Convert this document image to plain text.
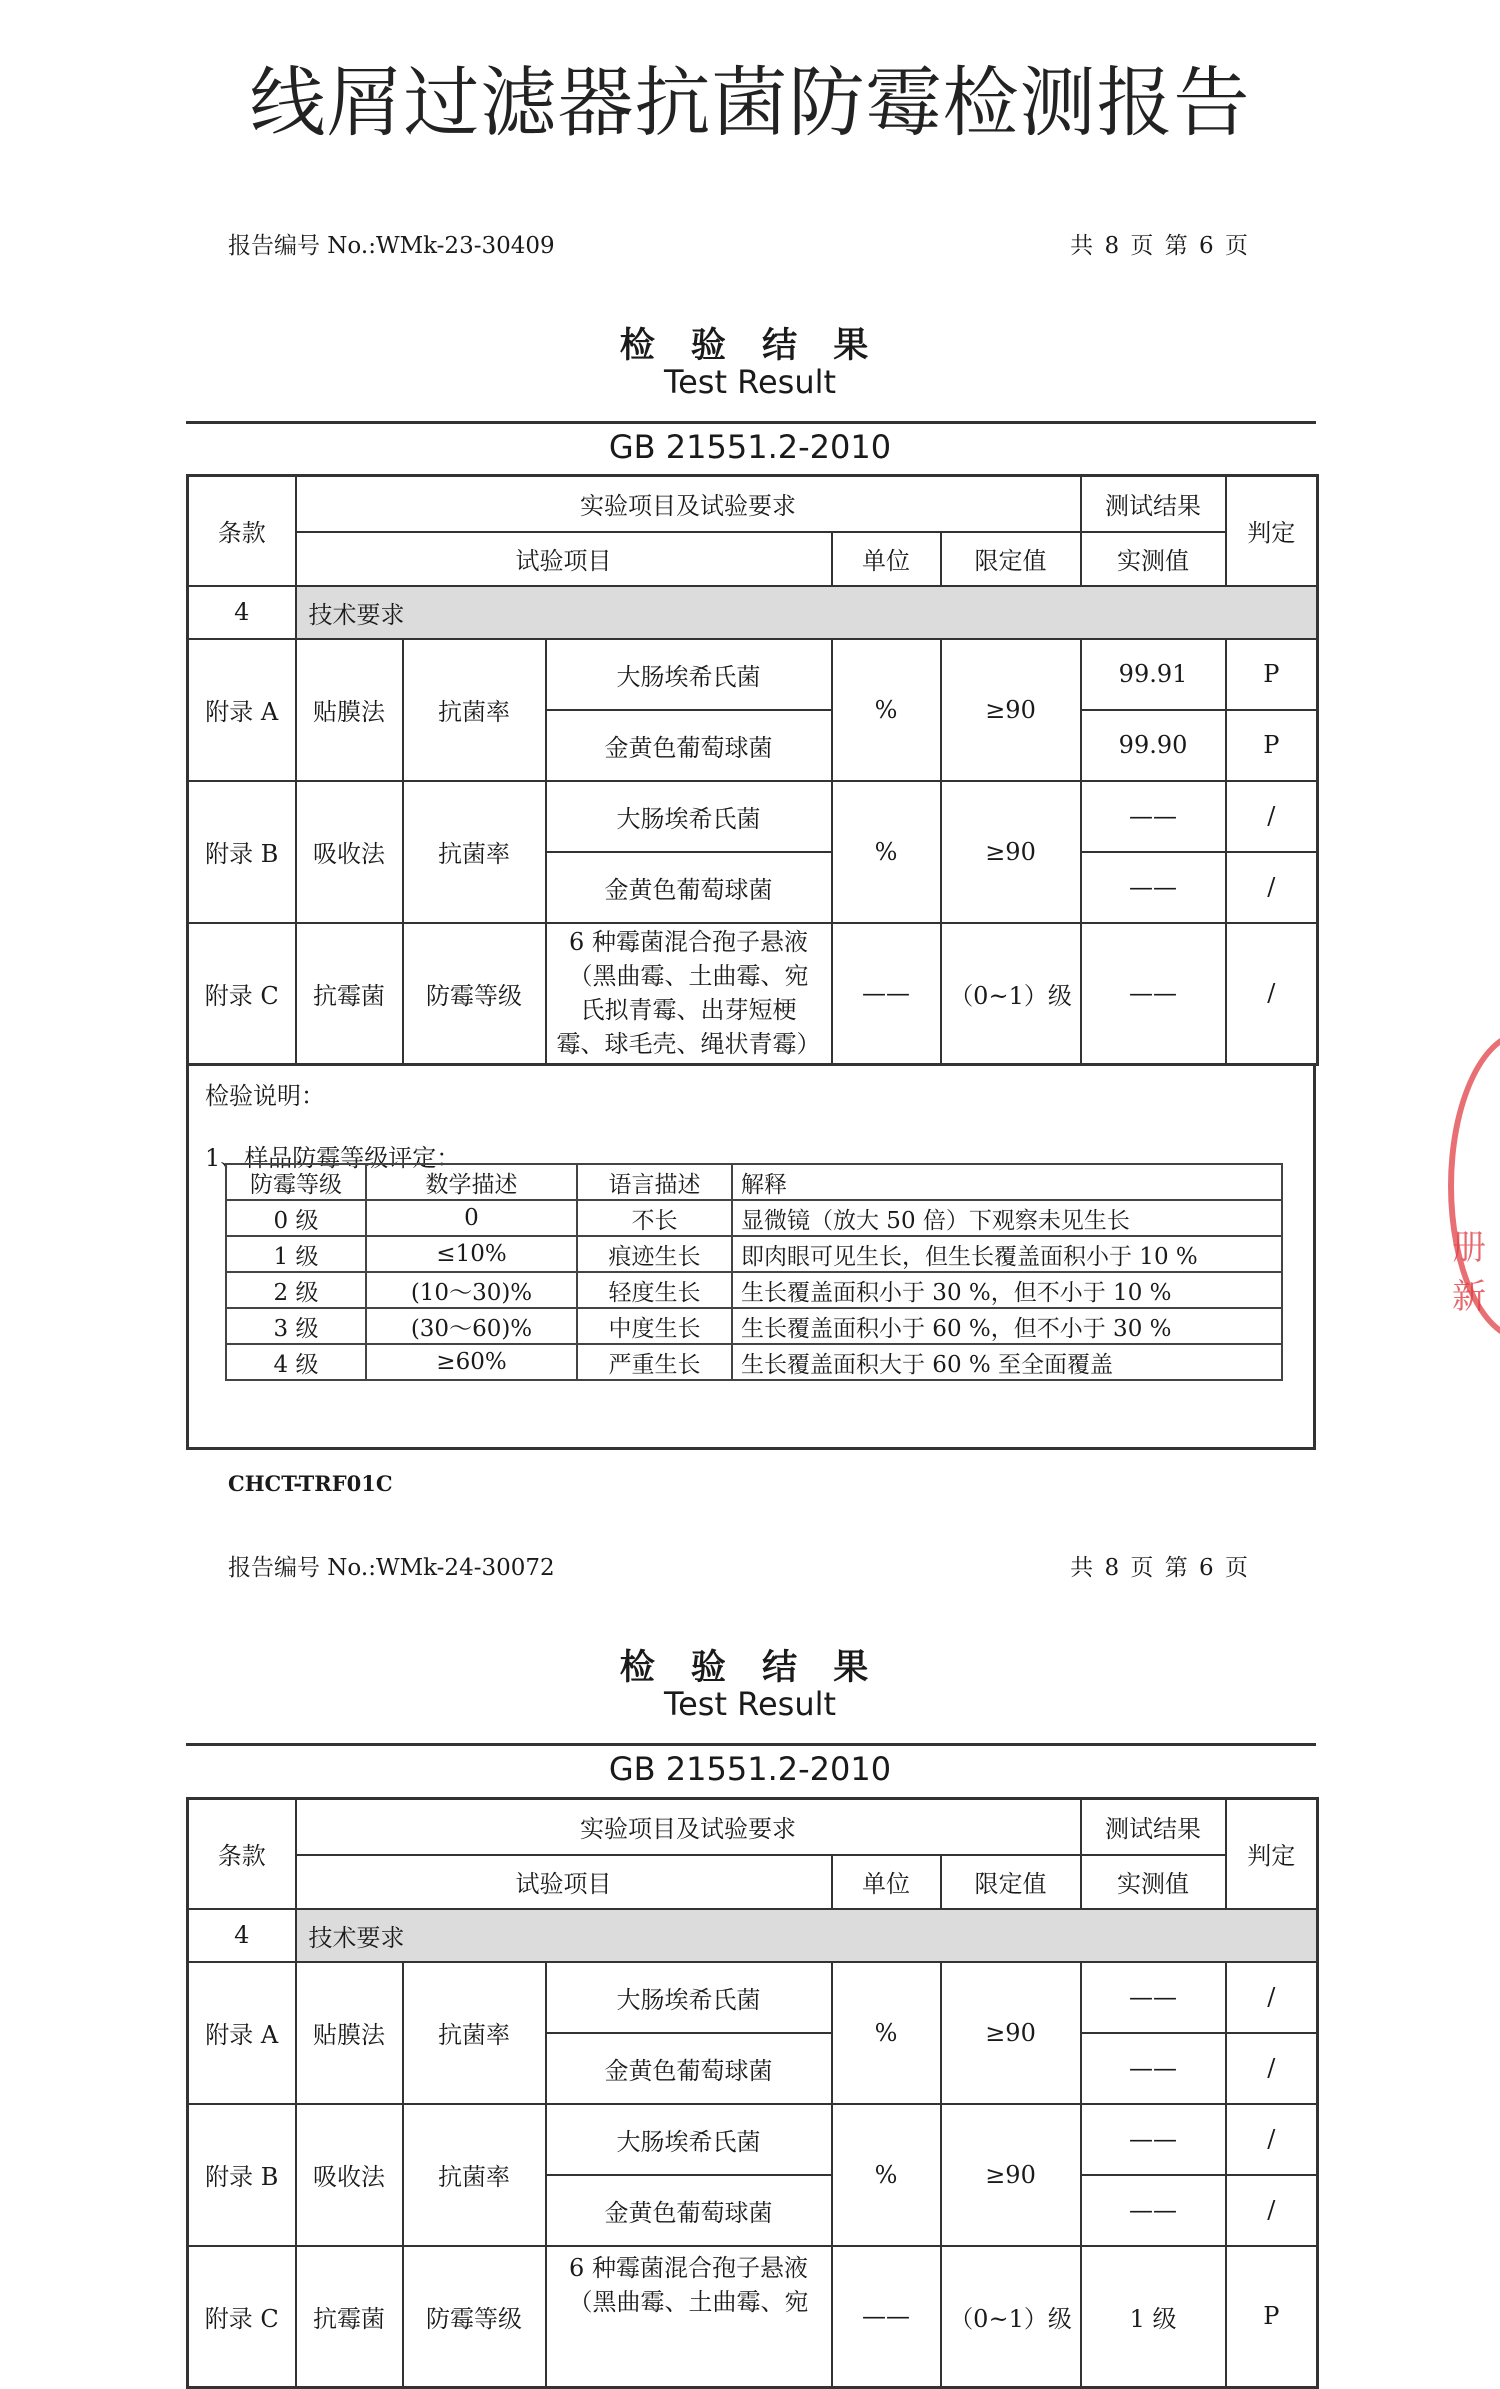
线屑过滤器抗菌防霉检测报告
册新
报告编号 No.:WMk-23-30409	共 8 页 第 6 页
检 验 结 果
Test Result
GB 21551.2-2010
条款	实验项目及试验要求					测试结果	判定
	试验项目			单位	限定值	实测值	
4	技术要求						
附录 A	贴膜法	抗菌率	大肠埃希氏菌	%	≥90	99.91	P
			金黄色葡萄球菌			99.90	P
附录 B	吸收法	抗菌率	大肠埃希氏菌	%	≥90	——	/
			金黄色葡萄球菌			——	/
附录 C	抗霉菌	防霉等级	6 种霉菌混合孢子悬液
（黑曲霉、土曲霉、宛
氏拟青霉、出芽短梗
霉、球毛壳、绳状青霉）	——	（0~1）级	——	/
检验说明：
1、样品防霉等级评定：
防霉等级	数学描述	语言描述	解释
0 级	0	不长	显微镜（放大 50 倍）下观察未见生长
1 级	≤10%	痕迹生长	即肉眼可见生长，但生长覆盖面积小于 10 %
2 级	(10～30)%	轻度生长	生长覆盖面积小于 30 %，但不小于 10 %
3 级	(30～60)%	中度生长	生长覆盖面积小于 60 %，但不小于 30 %
4 级	≥60%	严重生长	生长覆盖面积大于 60 % 至全面覆盖
CHCT-TRF01C
报告编号 No.:WMk-24-30072	共 8 页 第 6 页
检 验 结 果
Test Result
GB 21551.2-2010
条款	实验项目及试验要求					测试结果	判定
	试验项目			单位	限定值	实测值	
4	技术要求						
附录 A	贴膜法	抗菌率	大肠埃希氏菌	%	≥90	——	/
			金黄色葡萄球菌			——	/
附录 B	吸收法	抗菌率	大肠埃希氏菌	%	≥90	——	/
			金黄色葡萄球菌			——	/
附录 C	抗霉菌	防霉等级	6 种霉菌混合孢子悬液
（黑曲霉、土曲霉、宛	——	（0~1）级	1 级	P
